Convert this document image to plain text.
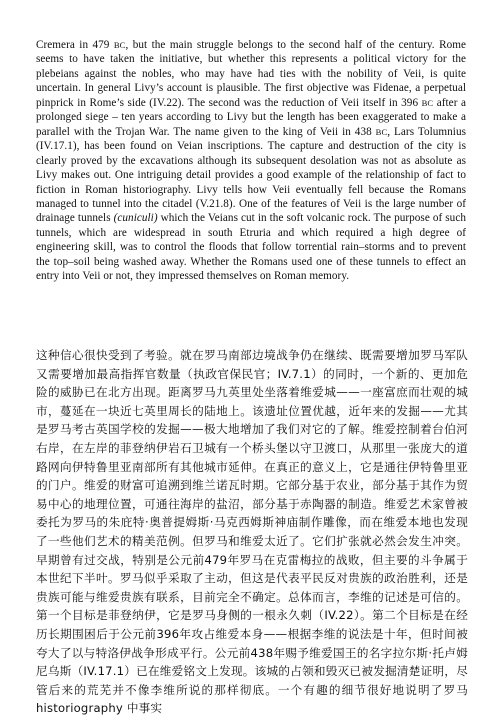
Cremera in 479 BC, but the main struggle belongs to the second half of the century. Rome seems to have taken the initiative, but whether this represents a political victory for the plebeians against the nobles, who may have had ties with the nobility of Veii, is quite uncertain. In general Livy’s account is plausible. The first objective was Fidenae, a perpetual pinprick in Rome’s side (IV.22). The second was the reduction of Veii itself in 396 BC after a prolonged siege – ten years according to Livy but the length has been exaggerated to make a parallel with the Trojan War. The name given to the king of Veii in 438 BC, Lars Tolumnius (IV.17.1), has been found on Veian inscriptions. The capture and destruction of the city is clearly proved by the excavations although its subsequent desolation was not as absolute as Livy makes out. One intriguing detail provides a good example of the relationship of fact to fiction in Roman historiography. Livy tells how Veii eventually fell because the Romans managed to tunnel into the citadel (V.21.8). One of the features of Veii is the large number of drainage tunnels (cuniculi) which the Veians cut in the soft volcanic rock. The purpose of such tunnels, which are widespread in south Etruria and which required a high degree of engineering skill, was to control the floods that follow torrential rain–storms and to prevent the top–soil being washed away. Whether the Romans used one of these tunnels to effect an entry into Veii or not, they impressed themselves on Roman memory.

这种信心很快受到了考验。就在罗马南部边境战争仍在继续、既需要增加罗马军队又需要增加最高指挥官数量（执政官保民官；IV.7.1）的同时，一个新的、更加危险的威胁已在北方出现。距离罗马九英里处坐落着维爱城——一座富庶而壮观的城市，蔓延在一块近七英里周长的陆地上。该遗址位置优越，近年来的发掘——尤其是罗马考古英国学校的发掘——极大地增加了我们对它的了解。维爱控制着台伯河右岸，在左岸的菲登纳伊岩石卫城有一个桥头堡以守卫渡口，从那里一张庞大的道路网向伊特鲁里亚南部所有其他城市延伸。在真正的意义上，它是通往伊特鲁里亚的门户。维爱的财富可追溯到维兰诺瓦时期。它部分基于农业，部分基于其作为贸易中心的地理位置，可通往海岸的盐沼，部分基于赤陶器的制造。维爱艺术家曾被委托为罗马的朱庇特·奥普提姆斯·马克西姆斯神庙制作雕像，而在维爱本地也发现了一些他们艺术的精美范例。但罗马和维爱太近了。它们扩张就必然会发生冲突。早期曾有过交战，特别是公元前479年罗马在克雷梅拉的战败，但主要的斗争属于本世纪下半叶。罗马似乎采取了主动，但这是代表平民反对贵族的政治胜利，还是贵族可能与维爱贵族有联系，目前完全不确定。总体而言，李维的记述是可信的。第一个目标是菲登纳伊，它是罗马身侧的一根永久刺（IV.22）。第二个目标是在经历长期围困后于公元前396年攻占维爱本身——根据李维的说法是十年，但时间被夸大了以与特洛伊战争形成平行。公元前438年赐予维爱国王的名字拉尔斯·托卢姆尼乌斯（IV.17.1）已在维爱铭文上发现。该城的占领和毁灭已被发掘清楚证明，尽管后来的荒芜并不像李维所说的那样彻底。一个有趣的细节很好地说明了罗马 historiography 中事实
